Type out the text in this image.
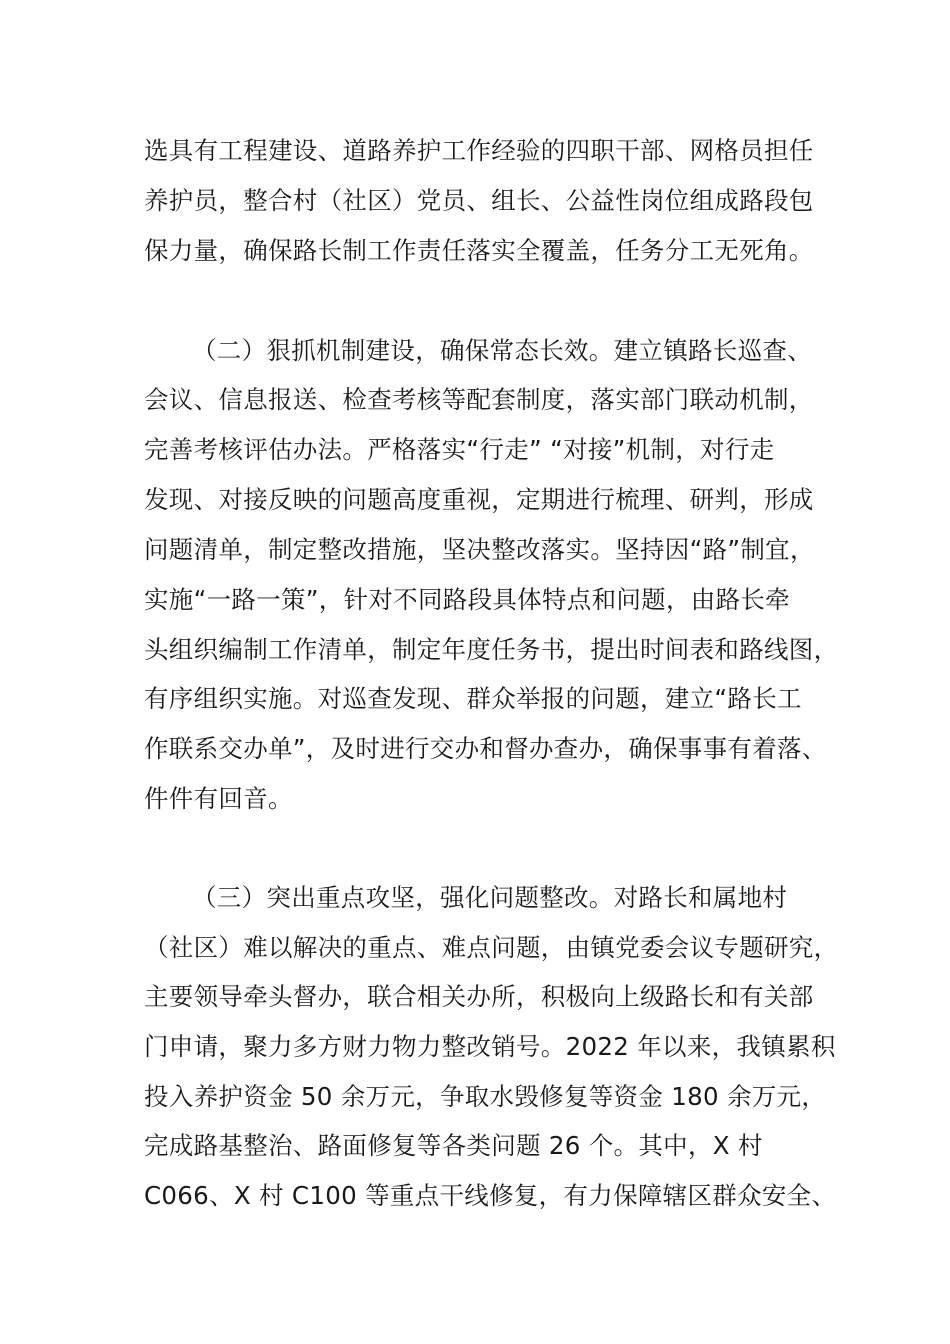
选具有工程建设、道路养护工作经验的四职干部、网格员担任
养护员，整合村（社区）党员、组长、公益性岗位组成路段包
保力量，确保路长制工作责任落实全覆盖，任务分工无死角。
（二）狠抓机制建设，确保常态长效。建立镇路长巡查、
会议、信息报送、检查考核等配套制度，落实部门联动机制，
完善考核评估办法。严格落实“行走” “对接”机制，对行走
发现、对接反映的问题高度重视，定期进行梳理、研判，形成
问题清单，制定整改措施，坚决整改落实。坚持因“路”制宜，
实施“一路一策”，针对不同路段具体特点和问题，由路长牵
头组织编制工作清单，制定年度任务书，提出时间表和路线图，
有序组织实施。对巡查发现、群众举报的问题，建立“路长工
作联系交办单”，及时进行交办和督办查办，确保事事有着落、
件件有回音。
（三）突出重点攻坚，强化问题整改。对路长和属地村
（社区）难以解决的重点、难点问题，由镇党委会议专题研究，
主要领导牵头督办，联合相关办所，积极向上级路长和有关部
门申请，聚力多方财力物力整改销号。2022 年以来，我镇累积
投入养护资金 50 余万元，争取水毁修复等资金 180 余万元，
完成路基整治、路面修复等各类问题 26 个。其中，X 村
C066、X 村 C100 等重点干线修复，有力保障辖区群众安全、
